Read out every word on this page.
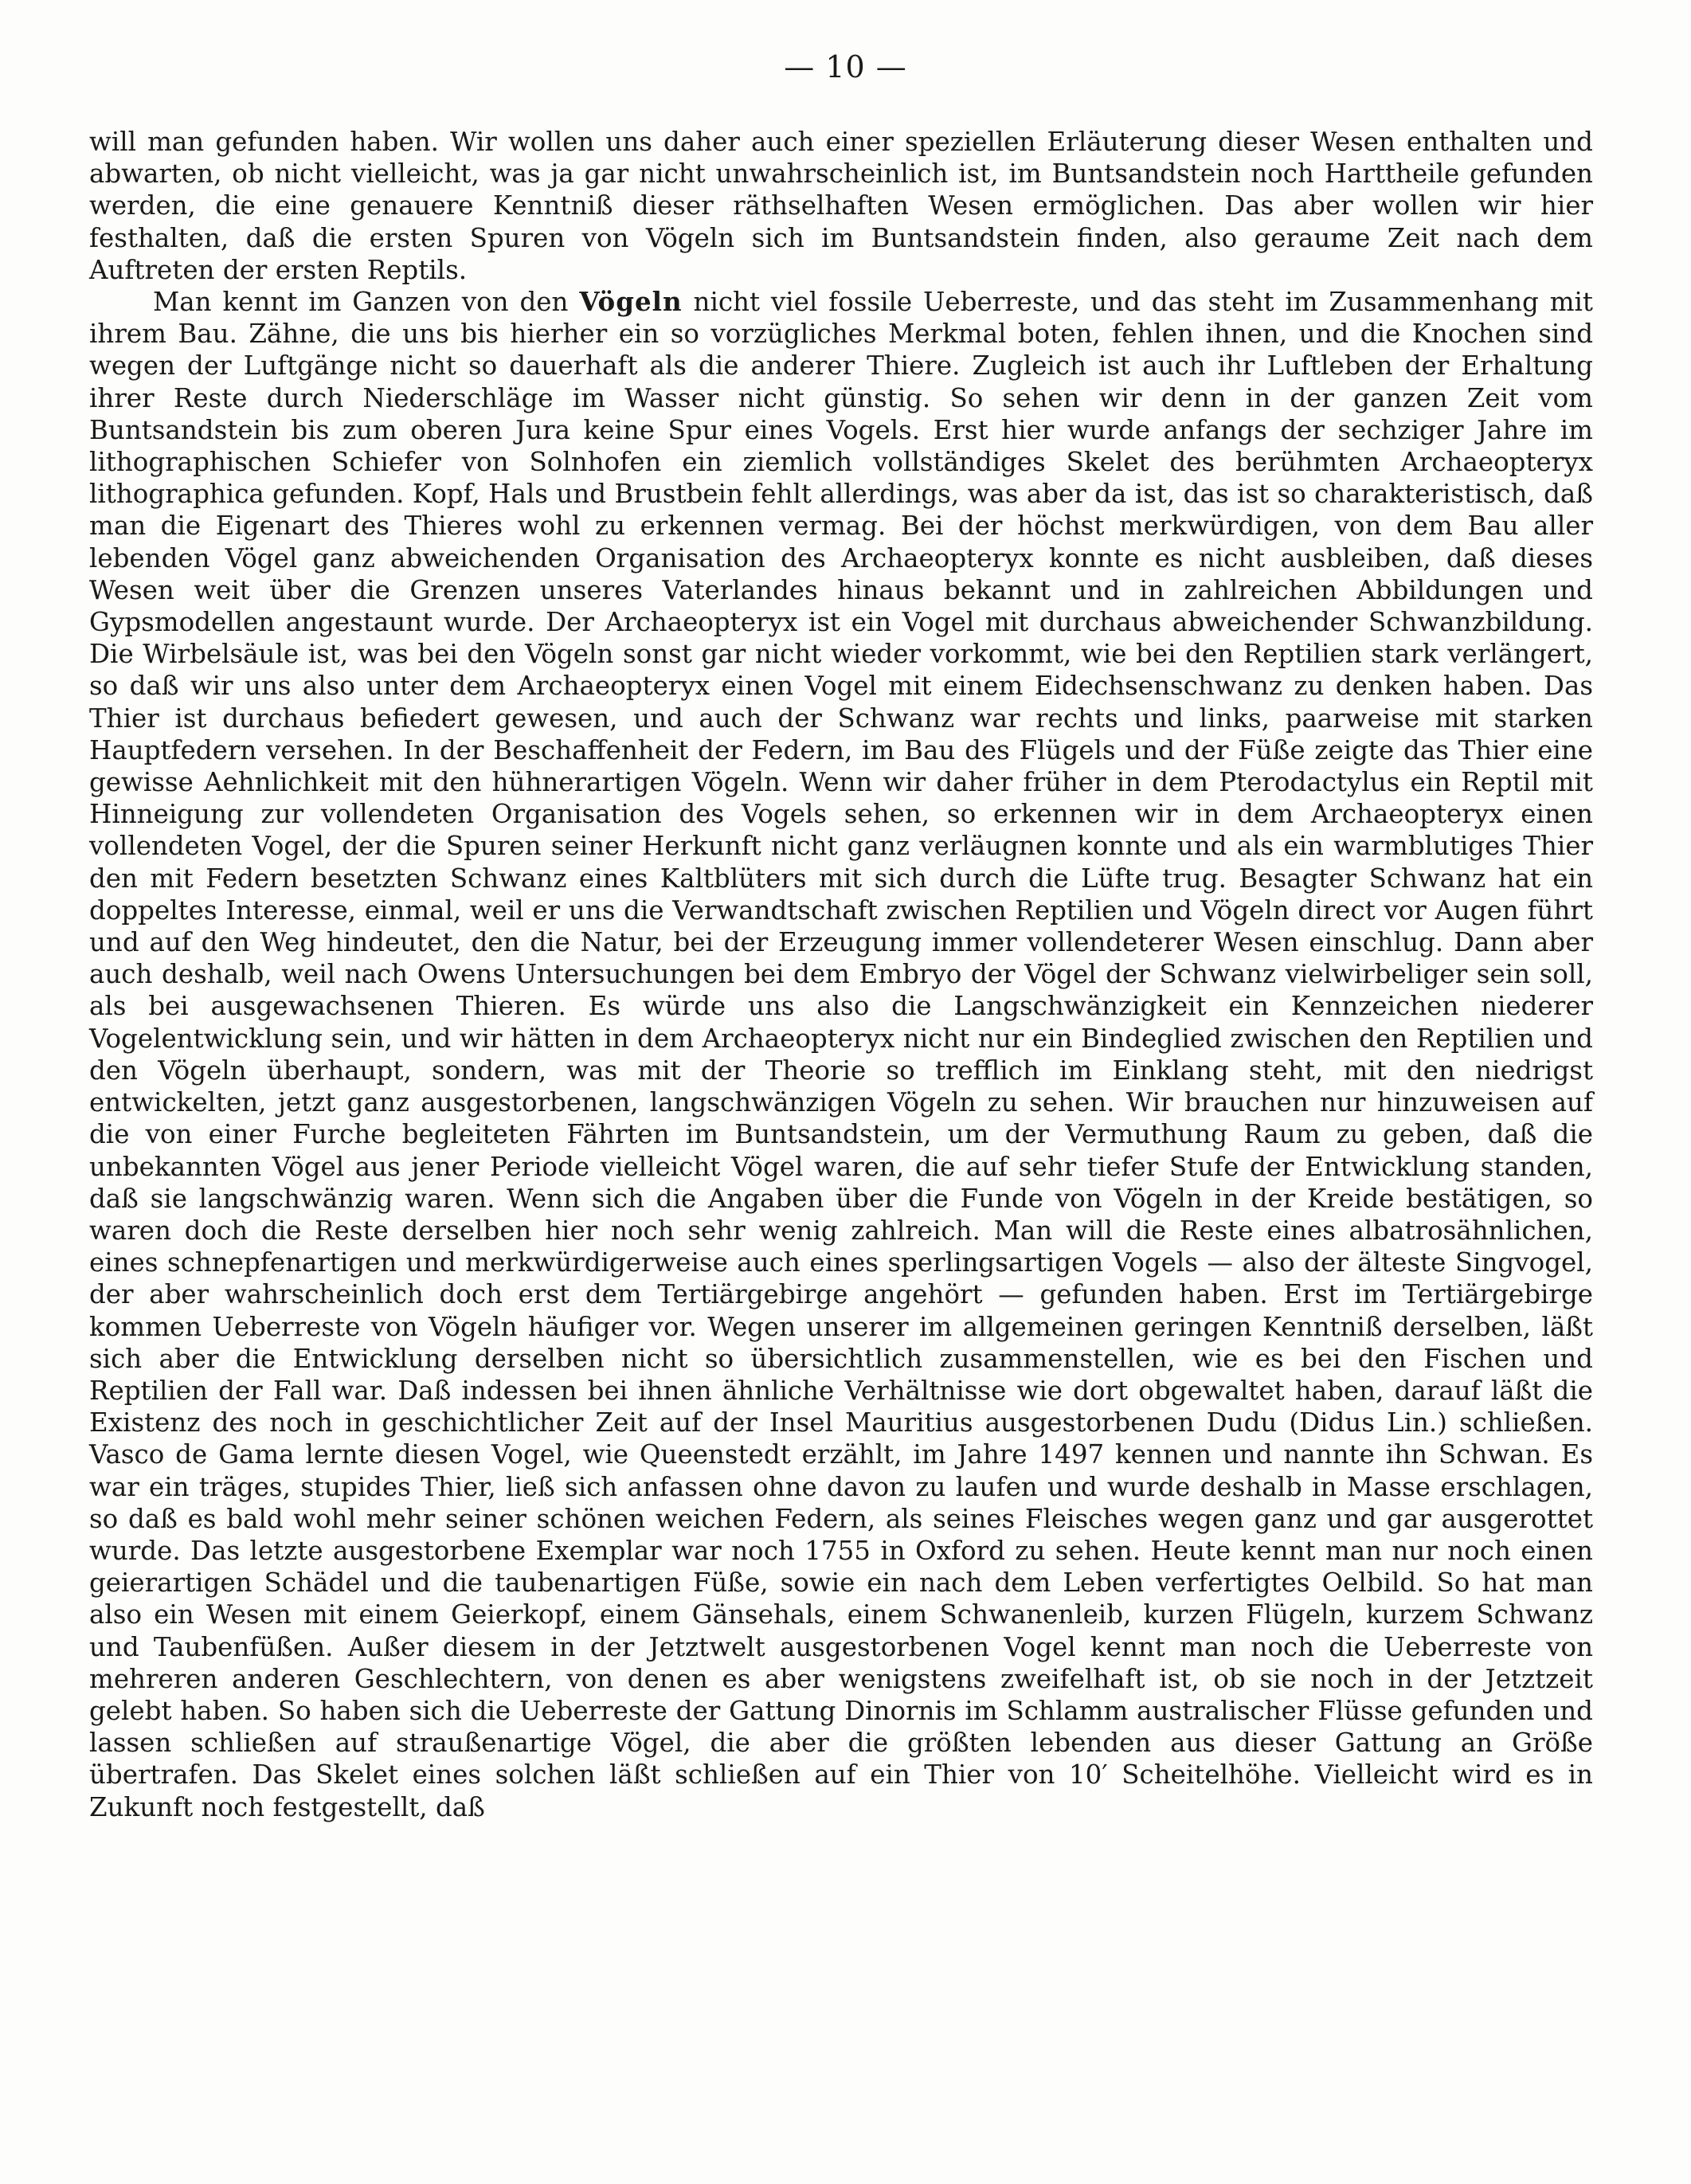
— 10 —

will man gefunden haben. Wir wollen uns daher auch einer speziellen Erläuterung dieser Wesen enthalten und abwarten, ob nicht vielleicht, was ja gar nicht unwahrscheinlich ist, im Buntsandstein noch Harttheile gefunden werden, die eine genauere Kenntniß dieser räthselhaften Wesen ermöglichen. Das aber wollen wir hier festhalten, daß die ersten Spuren von Vögeln sich im Buntsandstein finden, also geraume Zeit nach dem Auftreten der ersten Reptils.

Man kennt im Ganzen von den Vögeln nicht viel fossile Ueberreste, und das steht im Zusammenhang mit ihrem Bau. Zähne, die uns bis hierher ein so vorzügliches Merkmal boten, fehlen ihnen, und die Knochen sind wegen der Luftgänge nicht so dauerhaft als die anderer Thiere. Zugleich ist auch ihr Luftleben der Erhaltung ihrer Reste durch Niederschläge im Wasser nicht günstig. So sehen wir denn in der ganzen Zeit vom Buntsandstein bis zum oberen Jura keine Spur eines Vogels. Erst hier wurde anfangs der sechziger Jahre im lithographischen Schiefer von Solnhofen ein ziemlich vollständiges Skelet des berühmten Archaeopteryx lithographica gefunden. Kopf, Hals und Brustbein fehlt allerdings, was aber da ist, das ist so charakteristisch, daß man die Eigenart des Thieres wohl zu erkennen vermag. Bei der höchst merkwürdigen, von dem Bau aller lebenden Vögel ganz abweichenden Organisation des Archaeopteryx konnte es nicht ausbleiben, daß dieses Wesen weit über die Grenzen unseres Vaterlandes hinaus bekannt und in zahlreichen Abbildungen und Gypsmodellen angestaunt wurde. Der Archaeopteryx ist ein Vogel mit durchaus abweichender Schwanzbildung. Die Wirbelsäule ist, was bei den Vögeln sonst gar nicht wieder vorkommt, wie bei den Reptilien stark verlängert, so daß wir uns also unter dem Archaeopteryx einen Vogel mit einem Eidechsenschwanz zu denken haben. Das Thier ist durchaus befiedert gewesen, und auch der Schwanz war rechts und links, paarweise mit starken Hauptfedern versehen. In der Beschaffenheit der Federn, im Bau des Flügels und der Füße zeigte das Thier eine gewisse Aehnlichkeit mit den hühnerartigen Vögeln. Wenn wir daher früher in dem Pterodactylus ein Reptil mit Hinneigung zur vollendeten Organisation des Vogels sehen, so erkennen wir in dem Archaeopteryx einen vollendeten Vogel, der die Spuren seiner Herkunft nicht ganz verläugnen konnte und als ein warmblutiges Thier den mit Federn besetzten Schwanz eines Kaltblüters mit sich durch die Lüfte trug. Besagter Schwanz hat ein doppeltes Interesse, einmal, weil er uns die Verwandtschaft zwischen Reptilien und Vögeln direct vor Augen führt und auf den Weg hindeutet, den die Natur, bei der Erzeugung immer vollendeterer Wesen einschlug. Dann aber auch deshalb, weil nach Owens Untersuchungen bei dem Embryo der Vögel der Schwanz vielwirbeliger sein soll, als bei ausgewachsenen Thieren. Es würde uns also die Langschwänzigkeit ein Kennzeichen niederer Vogelentwicklung sein, und wir hätten in dem Archaeopteryx nicht nur ein Bindeglied zwischen den Reptilien und den Vögeln überhaupt, sondern, was mit der Theorie so trefflich im Einklang steht, mit den niedrigst entwickelten, jetzt ganz ausgestorbenen, langschwänzigen Vögeln zu sehen. Wir brauchen nur hinzuweisen auf die von einer Furche begleiteten Fährten im Buntsandstein, um der Vermuthung Raum zu geben, daß die unbekannten Vögel aus jener Periode vielleicht Vögel waren, die auf sehr tiefer Stufe der Entwicklung standen, daß sie langschwänzig waren. Wenn sich die Angaben über die Funde von Vögeln in der Kreide bestätigen, so waren doch die Reste derselben hier noch sehr wenig zahlreich. Man will die Reste eines albatrosähnlichen, eines schnepfenartigen und merkwürdigerweise auch eines sperlingsartigen Vogels — also der älteste Singvogel, der aber wahrscheinlich doch erst dem Tertiärgebirge angehört — gefunden haben. Erst im Tertiärgebirge kommen Ueberreste von Vögeln häufiger vor. Wegen unserer im allgemeinen geringen Kenntniß derselben, läßt sich aber die Entwicklung derselben nicht so übersichtlich zusammenstellen, wie es bei den Fischen und Reptilien der Fall war. Daß indessen bei ihnen ähnliche Verhältnisse wie dort obgewaltet haben, darauf läßt die Existenz des noch in geschichtlicher Zeit auf der Insel Mauritius ausgestorbenen Dudu (Didus Lin.) schließen. Vasco de Gama lernte diesen Vogel, wie Queenstedt erzählt, im Jahre 1497 kennen und nannte ihn Schwan. Es war ein träges, stupides Thier, ließ sich anfassen ohne davon zu laufen und wurde deshalb in Masse erschlagen, so daß es bald wohl mehr seiner schönen weichen Federn, als seines Fleisches wegen ganz und gar ausgerottet wurde. Das letzte ausgestorbene Exemplar war noch 1755 in Oxford zu sehen. Heute kennt man nur noch einen geierartigen Schädel und die taubenartigen Füße, sowie ein nach dem Leben verfertigtes Oelbild. So hat man also ein Wesen mit einem Geierkopf, einem Gänsehals, einem Schwanenleib, kurzen Flügeln, kurzem Schwanz und Taubenfüßen. Außer diesem in der Jetztwelt ausgestorbenen Vogel kennt man noch die Ueberreste von mehreren anderen Geschlechtern, von denen es aber wenigstens zweifelhaft ist, ob sie noch in der Jetztzeit gelebt haben. So haben sich die Ueberreste der Gattung Dinornis im Schlamm australischer Flüsse gefunden und lassen schließen auf straußenartige Vögel, die aber die größten lebenden aus dieser Gattung an Größe übertrafen. Das Skelet eines solchen läßt schließen auf ein Thier von 10′ Scheitelhöhe. Vielleicht wird es in Zukunft noch festgestellt, daß
